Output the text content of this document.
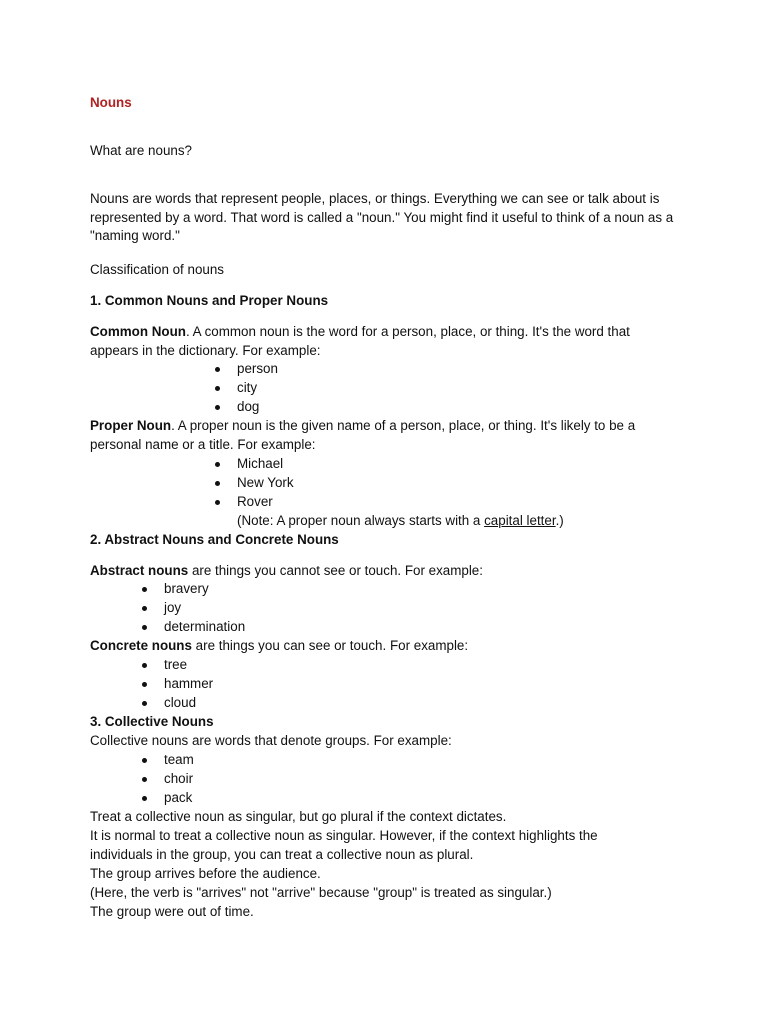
Nouns

What are nouns?

Nouns are words that represent people, places, or things. Everything we can see or talk about is represented by a word. That word is called a "noun." You might find it useful to think of a noun as a "naming word."

Classification of nouns

1. Common Nouns and Proper Nouns

Common Noun. A common noun is the word for a person, place, or thing. It's the word that appears in the dictionary. For example:

person
city
dog

Proper Noun. A proper noun is the given name of a person, place, or thing. It's likely to be a personal name or a title. For example:

Michael
New York
Rover

(Note: A proper noun always starts with a capital letter.)

2. Abstract Nouns and Concrete Nouns

Abstract nouns are things you cannot see or touch. For example:

bravery
joy
determination

Concrete nouns are things you can see or touch. For example:

tree
hammer
cloud

3. Collective Nouns

Collective nouns are words that denote groups. For example:

team
choir
pack

Treat a collective noun as singular, but go plural if the context dictates.

It is normal to treat a collective noun as singular. However, if the context highlights the individuals in the group, you can treat a collective noun as plural.

The group arrives before the audience.

(Here, the verb is "arrives" not "arrive" because "group" is treated as singular.)

The group were out of time.
